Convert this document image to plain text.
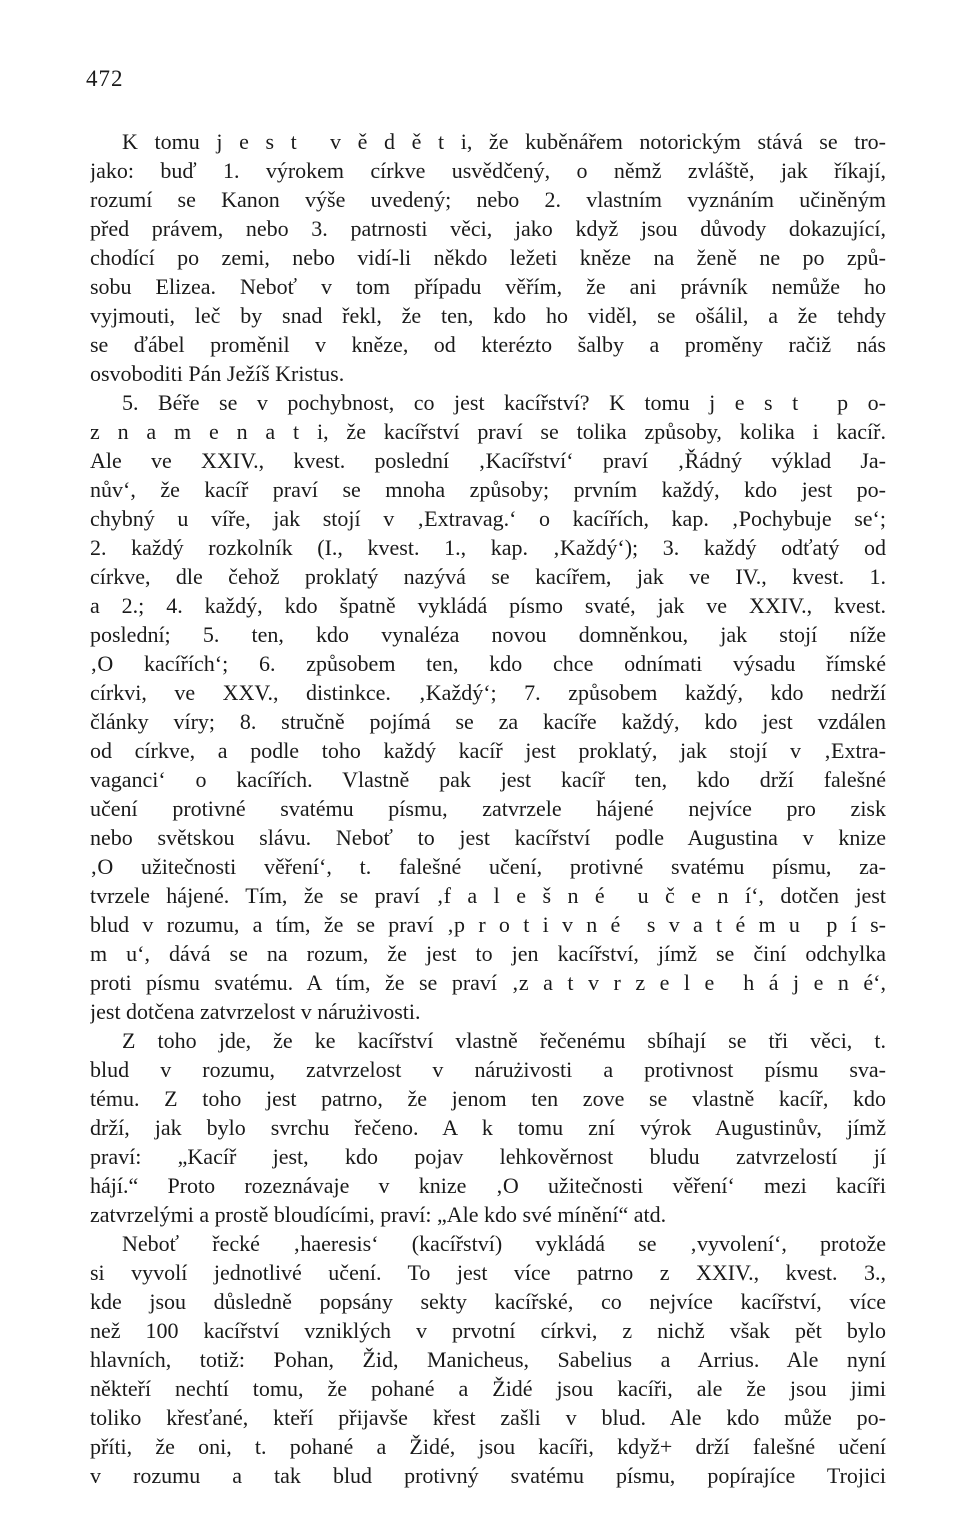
472
K tomu j e s t  v ě d ě t i, že kuběnářem notorickým stává se tro-
jako: buď 1. výrokem církve usvědčený, o němž zvláště, jak říkají,
rozumí se Kanon výše uvedený; nebo 2. vlastním vyznáním učiněným
před právem, nebo 3. patrnosti věci, jako když jsou důvody dokazující,
chodící po zemi, nebo vidí-li někdo ležeti kněze na ženě ne po způ-
sobu Elizea. Neboť v tom případu věřím, že ani právník nemůže ho
vyjmouti, leč by snad řekl, že ten, kdo ho viděl, se ošálil, a že tehdy
se ďábel proměnil v kněze, od kterézto šalby a proměny račiž nás
osvoboditi Pán Ježíš Kristus.
5. Béře se v pochybnost, co jest kacířství? K tomu j e s t  p o-
z n a m e n a t i, že kacířství praví se tolika způsoby, kolika i kacíř.
Ale ve XXIV., kvest. poslední ‚Kacířství‘ praví ‚Řádný výklad Ja-
nův‘, že kacíř praví se mnoha způsoby; prvním každý, kdo jest po-
chybný u víře, jak stojí v ‚Extravag.‘ o kacířích, kap. ‚Pochybuje se‘;
2. každý rozkolník (I., kvest. 1., kap. ‚Každý‘); 3. každý odťatý od
církve, dle čehož proklatý nazývá se kacířem, jak ve IV., kvest. 1.
a 2.; 4. každý, kdo špatně vykládá písmo svaté, jak ve XXIV., kvest.
poslední; 5. ten, kdo vynaléza novou domněnkou, jak stojí níže
‚O kacířích‘; 6. způsobem ten, kdo chce odnímati výsadu římské
církvi, ve XXV., distinkce. ‚Každý‘; 7. způsobem každý, kdo nedrží
články víry; 8. stručně pojímá se za kacíře každý, kdo jest vzdálen
od církve, a podle toho každý kacíř jest proklatý, jak stojí v ‚Extra-
vaganci‘ o kacířích. Vlastně pak jest kacíř ten, kdo drží falešné
učení protivné svatému písmu, zatvrzele hájené nejvíce pro zisk
nebo světskou slávu. Neboť to jest kacířství podle Augustina v knize
‚O užitečnosti věření‘, t. falešné učení, protivné svatému písmu, za-
tvrzele hájené. Tím, že se praví ‚f a l e š n é  u č e n í‘, dotčen jest
blud v rozumu, a tím, že se praví ‚p r o t i v n é  s v a t é m u  p í s-
m u‘, dává se na rozum, že jest to jen kacířství, jímž se činí odchylka
proti písmu svatému. A tím, že se praví ‚z a t v r z e l e  h á j e n é‘,
jest dotčena zatvrzelost v nárużivosti.
Z toho jde, že ke kacířství vlastně řečenému sbíhají se tři věci, t.
blud v rozumu, zatvrzelost v nárużivosti a protivnost písmu sva-
tému. Z toho jest patrno, že jenom ten zove se vlastně kacíř, kdo
drží, jak bylo svrchu řečeno. A k tomu zní výrok Augustinův, jímž
praví: „Kacíř jest, kdo pojav lehkověrnost bludu zatvrzelostí jí
hájí.“ Proto rozeznávaje v knize ‚O užitečnosti věření‘ mezi kacíři
zatvrzelými a prostě bloudícími, praví: „Ale kdo své mínění“ atd.
Neboť řecké ‚haeresis‘ (kacířství) vykládá se ‚vyvolení‘, protože
si vyvolí jednotlivé učení. To jest více patrno z XXIV., kvest. 3.,
kde jsou důsledně popsány sekty kacířské, co nejvíce kacířství, více
než 100 kacířství vzniklých v prvotní církvi, z nichž však pět bylo
hlavních, totiž: Pohan, Žid, Manicheus, Sabelius a Arrius. Ale nyní
někteří nechtí tomu, že pohané a Židé jsou kacíři, ale že jsou jimi
toliko křesťané, kteří přijavše křest zašli v blud. Ale kdo může po-
příti, že oni, t. pohané a Židé, jsou kacíři, když+ drží falešné učení
v rozumu a tak blud protivný svatému písmu, popírajíce Trojici
